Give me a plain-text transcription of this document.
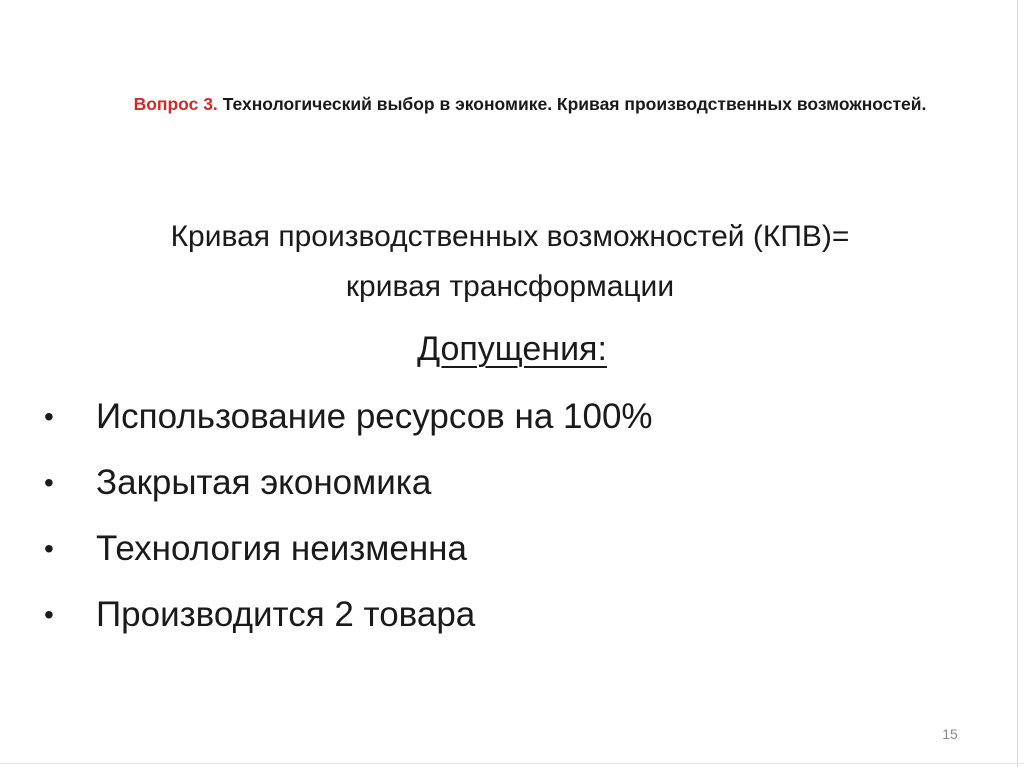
Вопрос 3. Технологический выбор в экономике. Кривая производственных возможностей.
Кривая производственных возможностей (КПВ)=
кривая трансформации
Допущения:
•	Использование ресурсов на 100%
•	Закрытая экономика
•	Технология неизменна
•	Производится 2 товара
15
